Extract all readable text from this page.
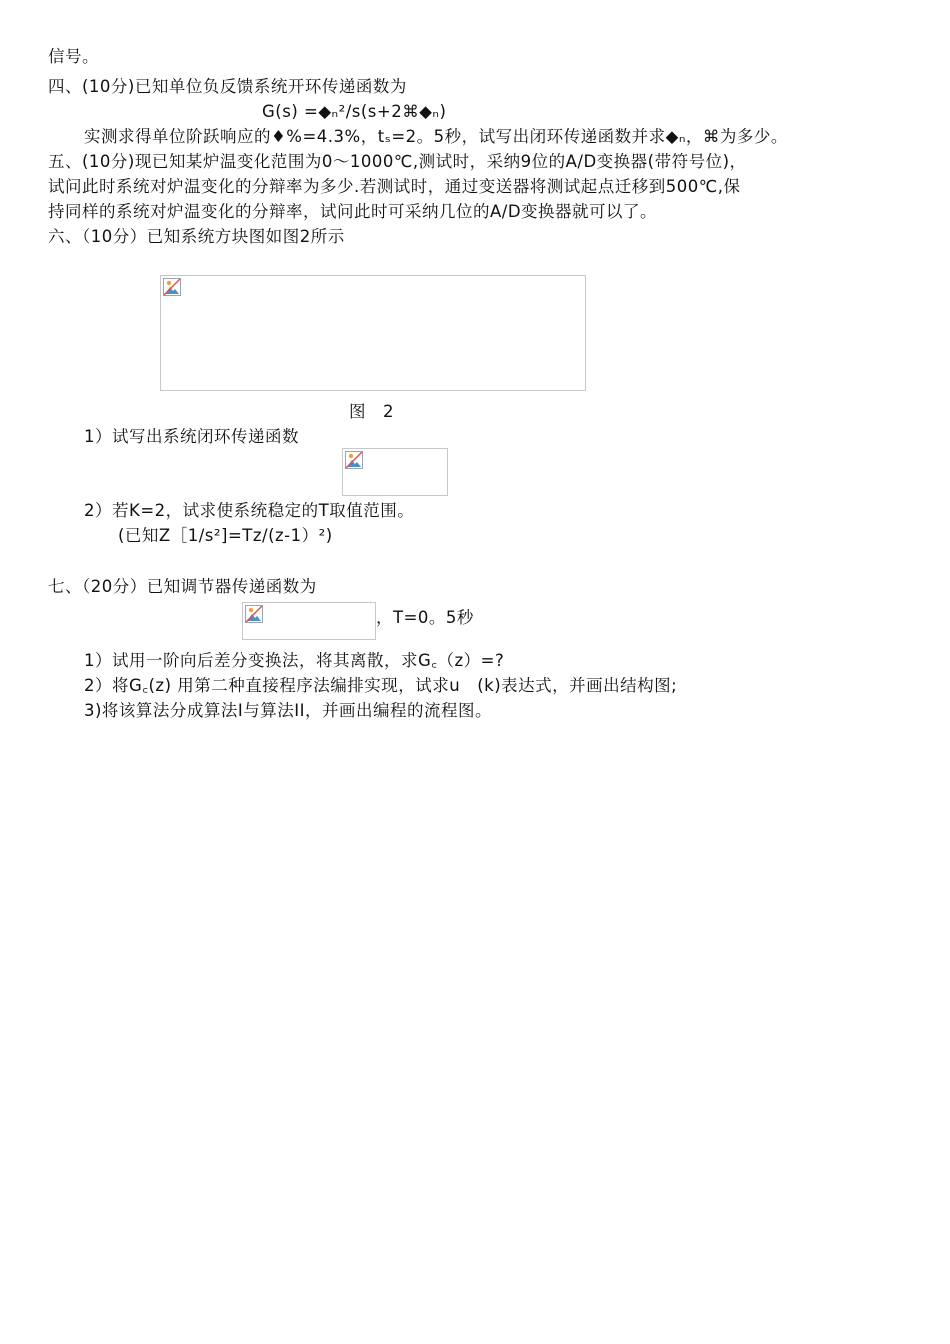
信号。
四、(10分)已知单位负反馈系统开环传递函数为
G(s) =◆ₙ²/s(s+2⌘◆ₙ)
实测求得单位阶跃响应的♦%=4.3%，tₛ=2。5秒，试写出闭环传递函数并求◆ₙ，⌘为多少。
五、(10分)现已知某炉温变化范围为0～1000℃,测试时，采纳9位的A/D变换器(带符号位)，
试问此时系统对炉温变化的分辩率为多少.若测试时，通过变送器将测试起点迁移到500℃,保
持同样的系统对炉温变化的分辩率，试问此时可采纳几位的A/D变换器就可以了。
六、（10分）已知系统方块图如图2所示
图　2
1）试写出系统闭环传递函数
2）若K=2，试求使系统稳定的T取值范围。
(已知Z［1/s²]=Tz/(z-1）²)
七、（20分）已知调节器传递函数为
，T=0。5秒
1）试用一阶向后差分变换法，将其离散，求G꜀（z）=?
2）将G꜀(z) 用第二种直接程序法编排实现，试求u　(k)表达式，并画出结构图;
3)将该算法分成算法I与算法II，并画出编程的流程图。
